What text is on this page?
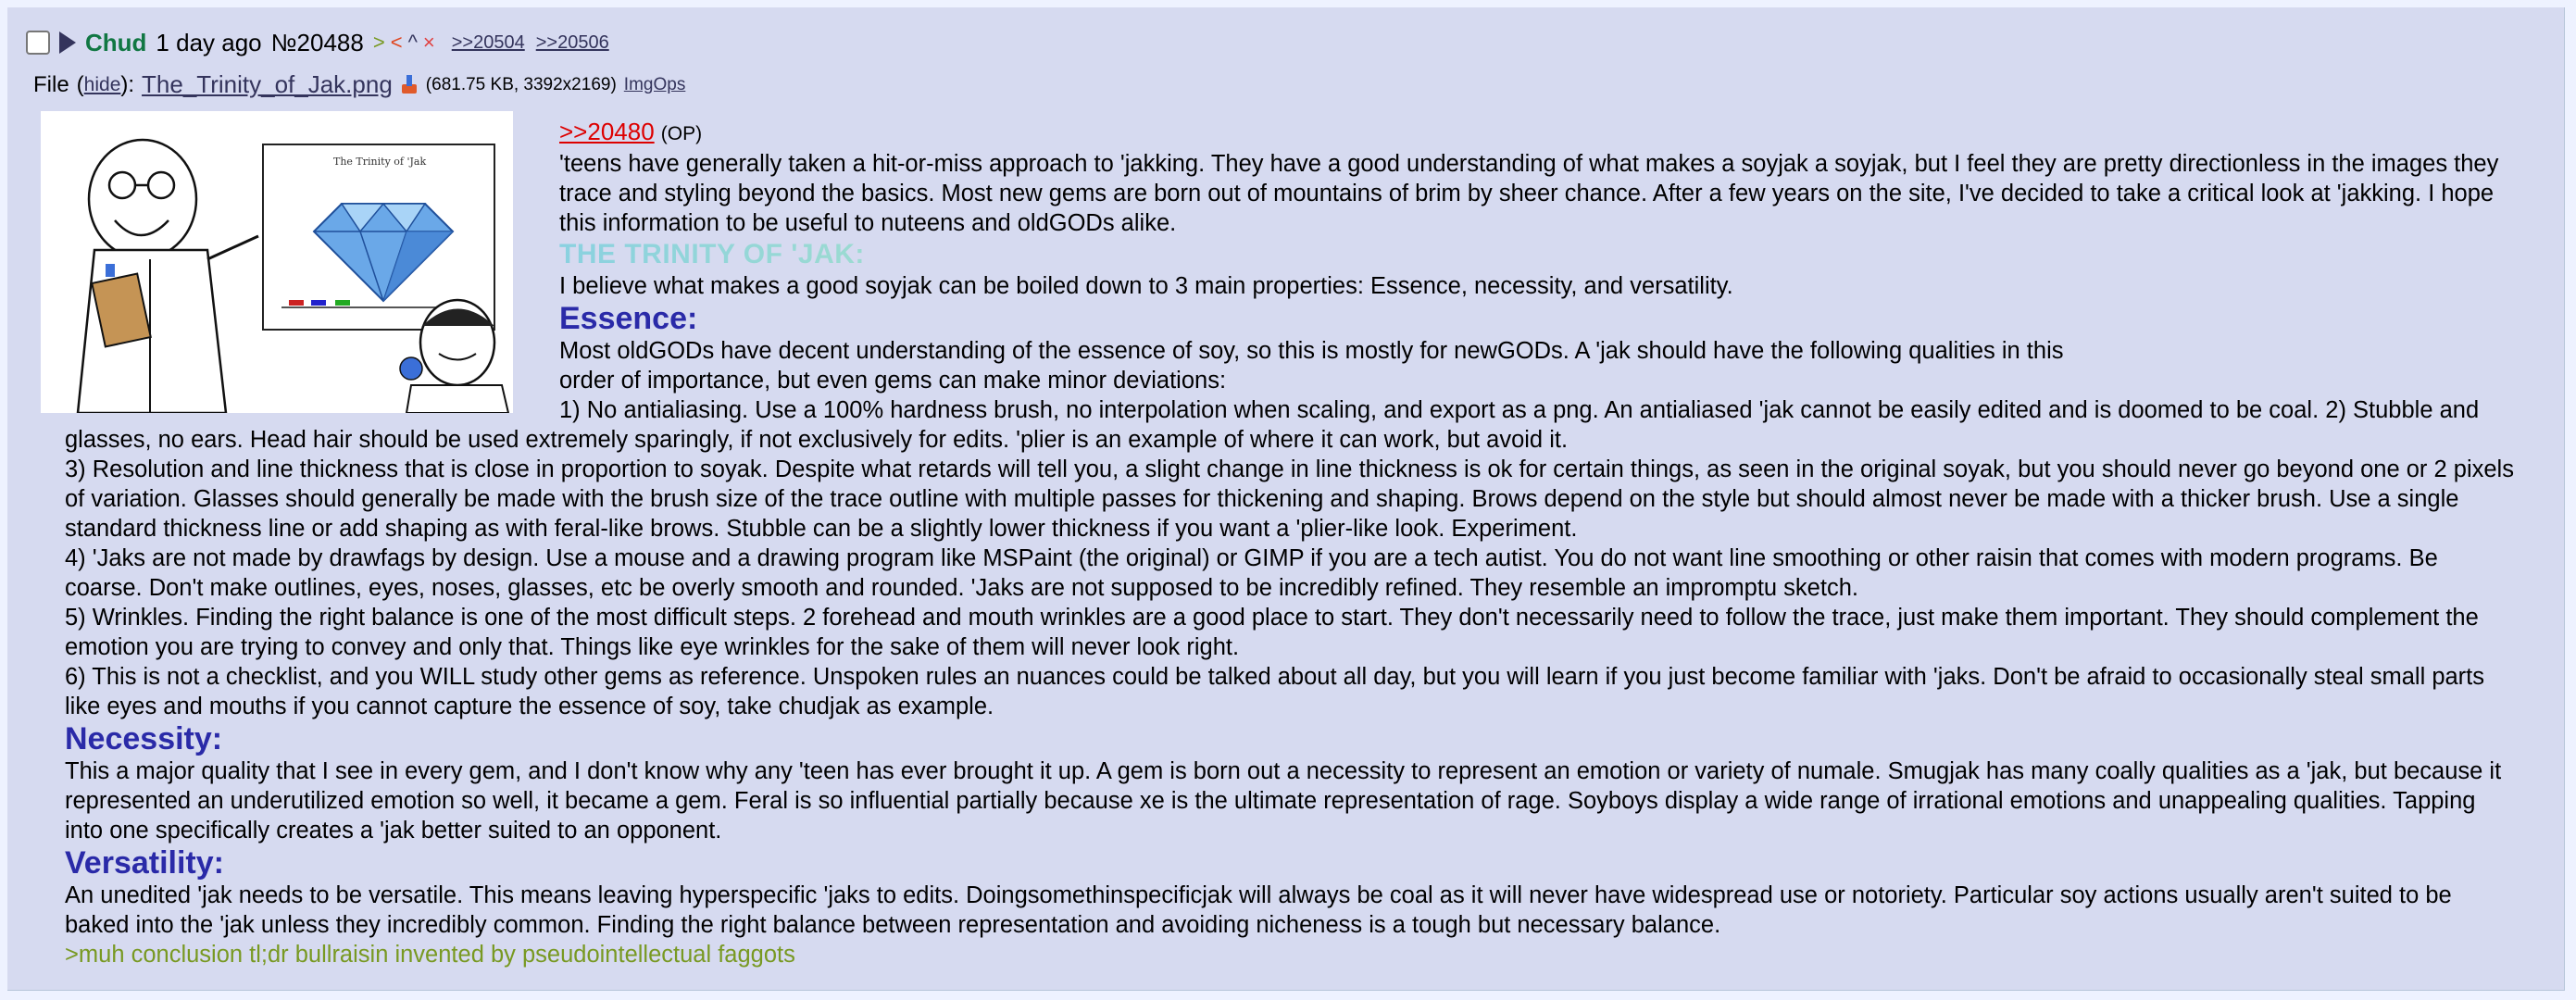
Chud 1 day ago №20488 > < ^ × >>20504 >>20506
File ( hide ): The_Trinity_of_Jak.png (681.75 KB, 3392x2169) ImgOps
The Trinity of 'Jak

>>20480 (OP)

'teens have generally taken a hit-or-miss approach to 'jakking. They have a good understanding of what makes a soyjak a soyjak, but I feel they are pretty directionless in the images they trace and styling beyond the basics. Most new gems are born out of mountains of brim by sheer chance. After a few years on the site, I've decided to take a critical look at 'jakking. I hope this information to be useful to nuteens and oldGODs alike.

THE TRINITY OF 'JAK:

I believe what makes a good soyjak can be boiled down to 3 main properties: Essence, necessity, and versatility.

Essence:

Most oldGODs have decent understanding of the essence of soy, so this is mostly for newGODs. A 'jak should have the following qualities in this

order of importance, but even gems can make minor deviations:

1) No antialiasing. Use a 100% hardness brush, no interpolation when scaling, and export as a png. An antialiased 'jak cannot be easily edited and is doomed to be coal. 2) Stubble and glasses, no ears. Head hair should be used extremely sparingly, if not exclusively for edits. 'plier is an example of where it can work, but avoid it.

3) Resolution and line thickness that is close in proportion to soyak. Despite what retards will tell you, a slight change in line thickness is ok for certain things, as seen in the original soyak, but you should never go beyond one or 2 pixels of variation. Glasses should generally be made with the brush size of the trace outline with multiple passes for thickening and shaping. Brows depend on the style but should almost never be made with a thicker brush. Use a single standard thickness line or add shaping as with feral-like brows. Stubble can be a slightly lower thickness if you want a 'plier-like look. Experiment.

4) 'Jaks are not made by drawfags by design. Use a mouse and a drawing program like MSPaint (the original) or GIMP if you are a tech autist. You do not want line smoothing or other raisin that comes with modern programs. Be coarse. Don't make outlines, eyes, noses, glasses, etc be overly smooth and rounded. 'Jaks are not supposed to be incredibly refined. They resemble an impromptu sketch.

5) Wrinkles. Finding the right balance is one of the most difficult steps. 2 forehead and mouth wrinkles are a good place to start. They don't necessarily need to follow the trace, just make them important. They should complement the emotion you are trying to convey and only that. Things like eye wrinkles for the sake of them will never look right.

6) This is not a checklist, and you WILL study other gems as reference. Unspoken rules an nuances could be talked about all day, but you will learn if you just become familiar with 'jaks. Don't be afraid to occasionally steal small parts like eyes and mouths if you cannot capture the essence of soy, take chudjak as example.

Necessity:

This a major quality that I see in every gem, and I don't know why any 'teen has ever brought it up. A gem is born out a necessity to represent an emotion or variety of numale. Smugjak has many coally qualities as a 'jak, but because it represented an underutilized emotion so well, it became a gem. Feral is so influential partially because xe is the ultimate representation of rage. Soyboys display a wide range of irrational emotions and unappealing qualities. Tapping into one specifically creates a 'jak better suited to an opponent.

Versatility:

An unedited 'jak needs to be versatile. This means leaving hyperspecific 'jaks to edits. Doingsomethinspecificjak will always be coal as it will never have widespread use or notoriety. Particular soy actions usually aren't suited to be baked into the 'jak unless they incredibly common. Finding the right balance between representation and avoiding nicheness is a tough but necessary balance.

>muh conclusion tl;dr bullraisin invented by pseudointellectual faggots
